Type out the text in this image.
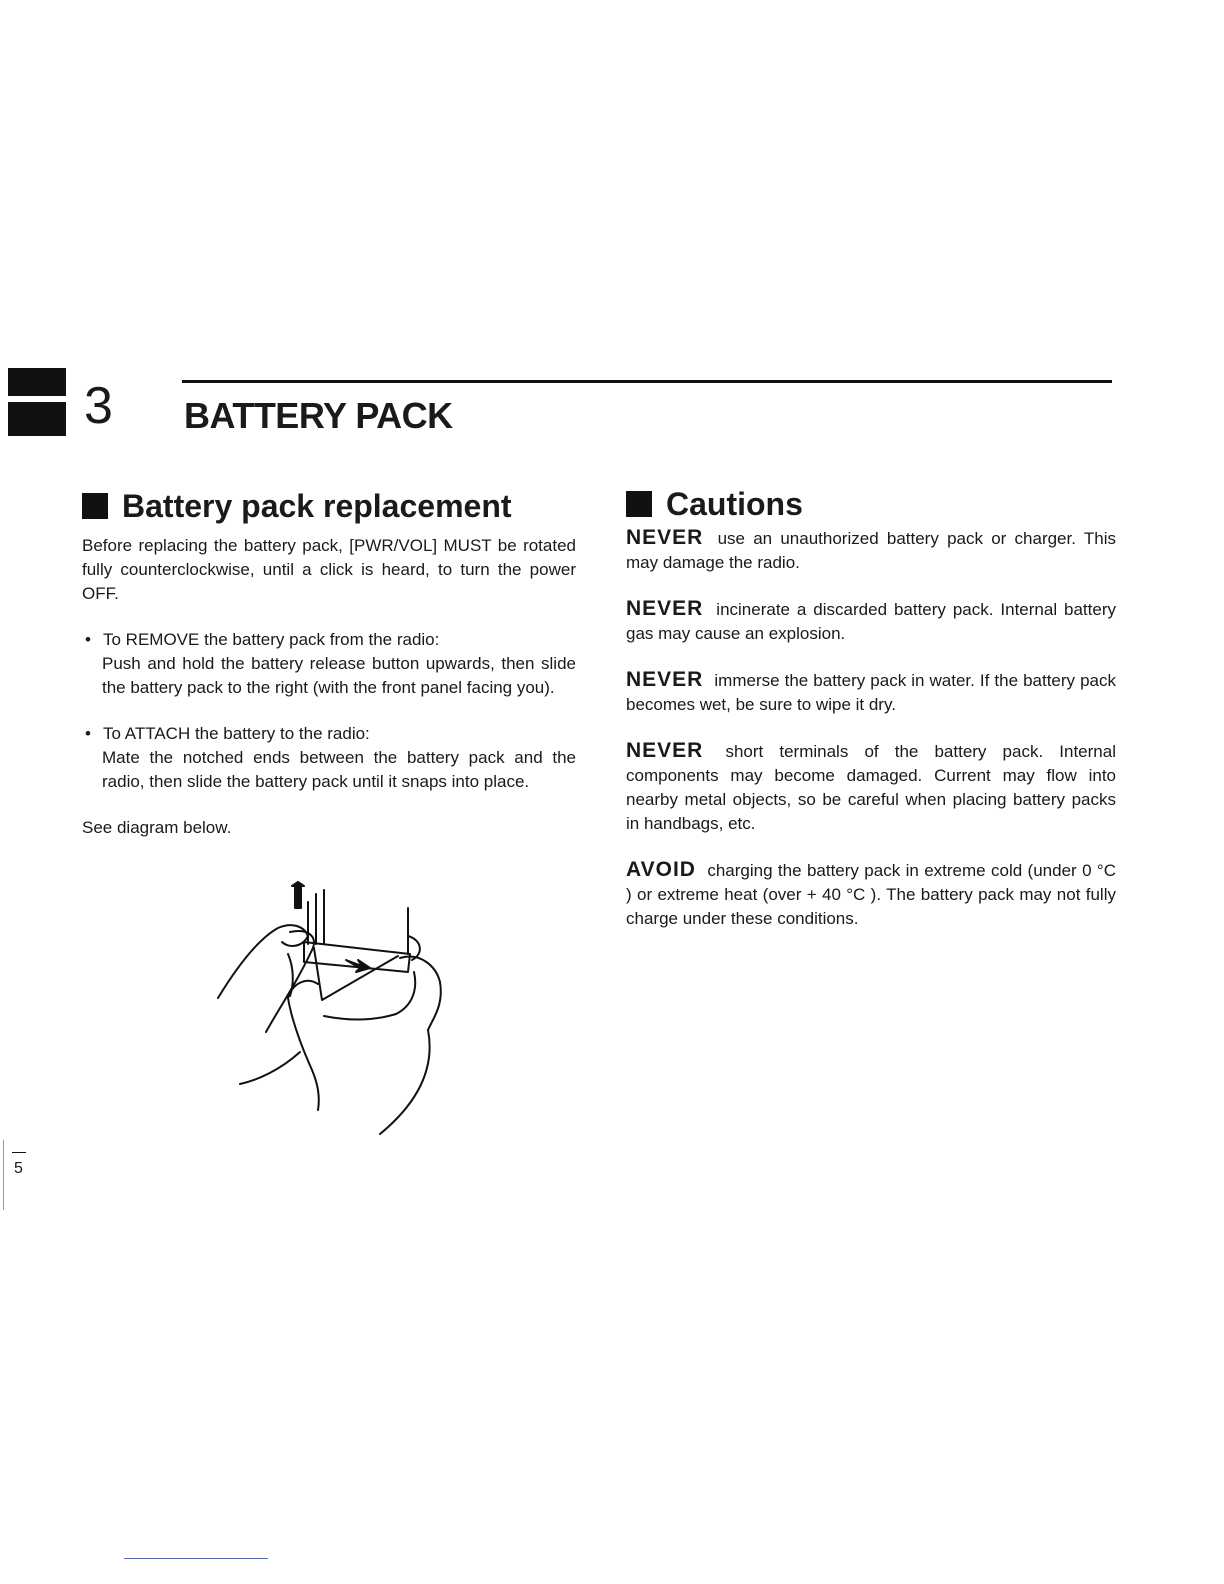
3 BATTERY PACK
Battery pack replacement

Before replacing the battery pack, [PWR/VOL] MUST be rotated fully counterclockwise, until a click is heard, to turn the power OFF.

• To REMOVE the battery pack from the radio:
Push and hold the battery release button upwards, then slide the battery pack to the right (with the front panel facing you).
• To ATTACH the battery to the radio:
Mate the notched ends between the battery pack and the radio, then slide the battery pack until it snaps into place.

See diagram below.

Cautions

NEVER use an unauthorized battery pack or charger. This may damage the radio.

NEVER incinerate a discarded battery pack. Internal battery gas may cause an explosion.

NEVER immerse the battery pack in water. If the battery pack becomes wet, be sure to wipe it dry.

NEVER short terminals of the battery pack. Internal components may become damaged. Current may flow into nearby metal objects, so be careful when placing battery packs in handbags, etc.

AVOID charging the battery pack in extreme cold (under 0 °C ) or extreme heat (over + 40 °C ). The battery pack may not fully charge under these conditions.

5
